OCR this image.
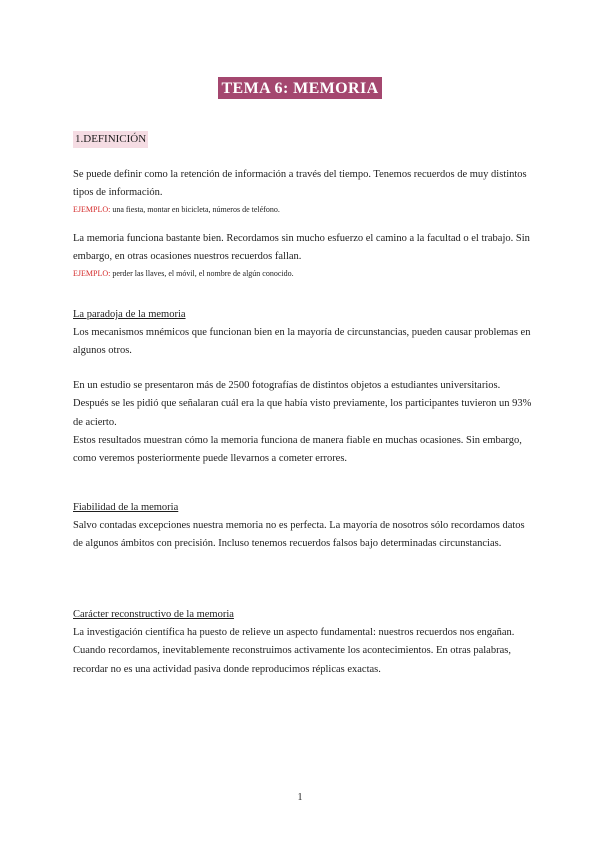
TEMA 6: MEMORIA
1.DEFINICIÓN

Se puede definir como la retención de información a través del tiempo. Tenemos recuerdos de muy distintos tipos de información.

EJEMPLO: una fiesta, montar en bicicleta, números de teléfono.

La memoria funciona bastante bien. Recordamos sin mucho esfuerzo el camino a la facultad o el trabajo. Sin embargo, en otras ocasiones nuestros recuerdos fallan.

EJEMPLO: perder las llaves, el móvil, el nombre de algún conocido.

La paradoja de la memoria

Los mecanismos mnémicos que funcionan bien en la mayoría de circunstancias, pueden causar problemas en algunos otros.

En un estudio se presentaron más de 2500 fotografías de distintos objetos a estudiantes universitarios. Después se les pidió que señalaran cuál era la que había visto previamente, los participantes tuvieron un 93% de acierto.

Estos resultados muestran cómo la memoria funciona de manera fiable en muchas ocasiones. Sin embargo, como veremos posteriormente puede llevarnos a cometer errores.

Fiabilidad de la memoria

Salvo contadas excepciones nuestra memoria no es perfecta. La mayoría de nosotros sólo recordamos datos de algunos ámbitos con precisión. Incluso tenemos recuerdos falsos bajo determinadas circunstancias.

Carácter reconstructivo de la memoria

La investigación científica ha puesto de relieve un aspecto fundamental: nuestros recuerdos nos engañan.

Cuando recordamos, inevitablemente reconstruimos activamente los acontecimientos. En otras palabras, recordar no es una actividad pasiva donde reproducimos réplicas exactas.

1
